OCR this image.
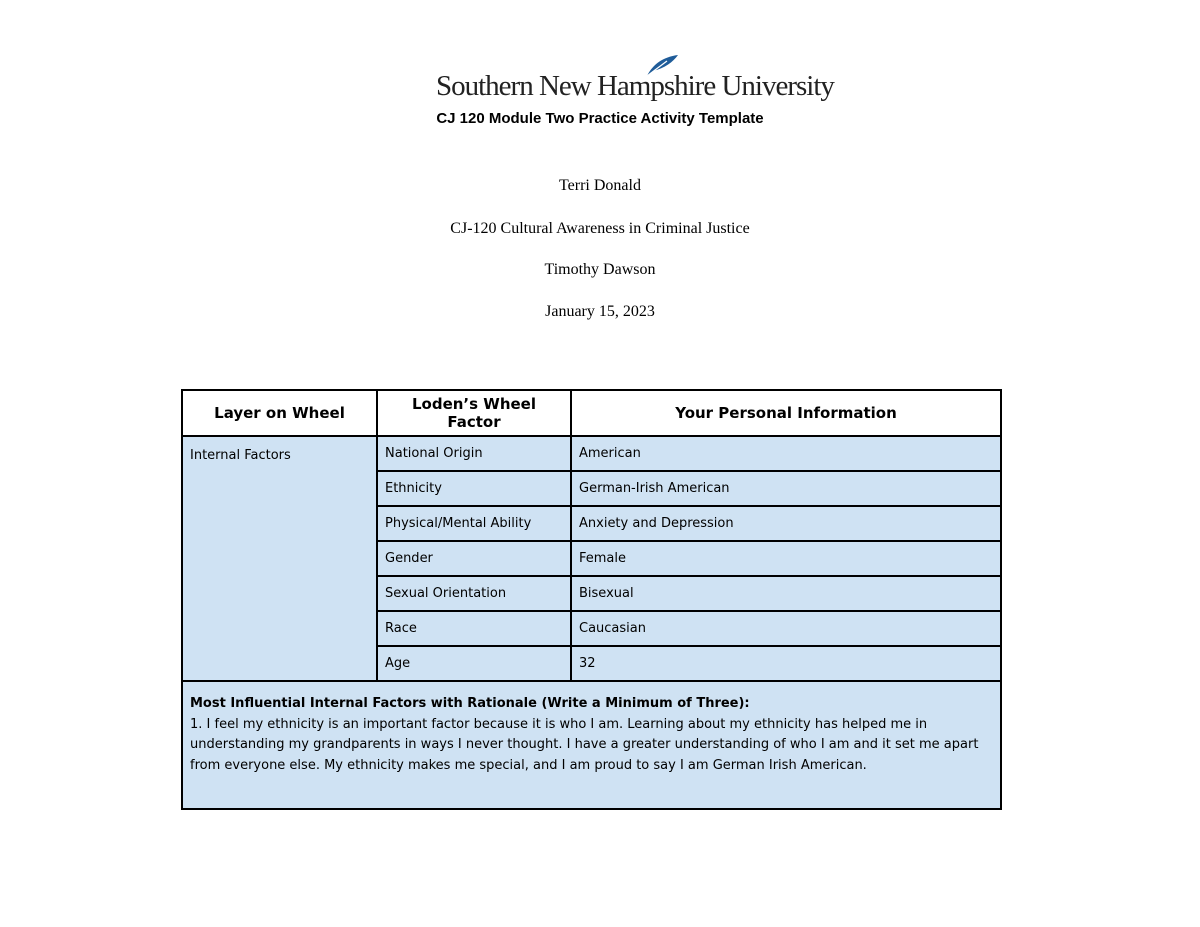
Southern New Hampshire University
CJ 120 Module Two Practice Activity Template
Terri Donald
CJ-120 Cultural Awareness in Criminal Justice
Timothy Dawson
January 15, 2023
Layer on Wheel	Loden’s Wheel Factor	Your Personal Information
Internal Factors	National Origin	American
	Ethnicity	German-Irish American
	Physical/Mental Ability	Anxiety and Depression
	Gender	Female
	Sexual Orientation	Bisexual
	Race	Caucasian
	Age	32

Most Influential Internal Factors with Rationale (Write a Minimum of Three):
1. I feel my ethnicity is an important factor because it is who I am. Learning about my ethnicity has helped me in understanding my grandparents in ways I never thought. I have a greater understanding of who I am and it set me apart from everyone else. My ethnicity makes me special, and I am proud to say I am German Irish American.		
